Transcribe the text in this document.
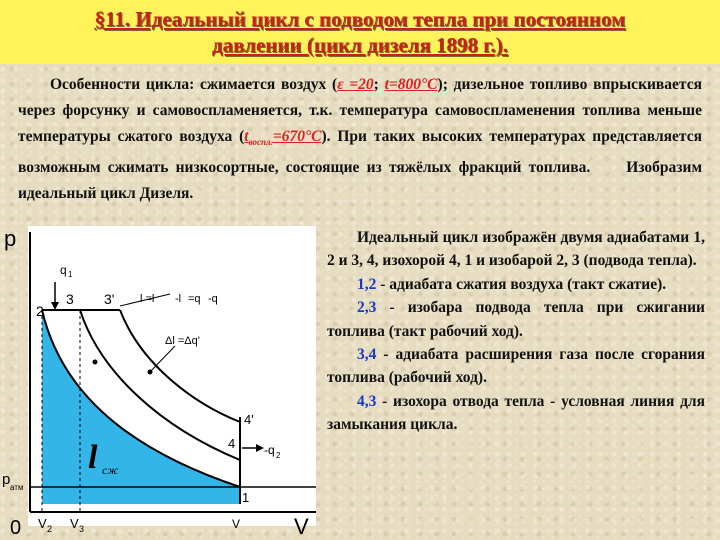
§11. Идеальный цикл с подводом тепла при постоянном
давлении (цикл дизеля 1898 г.).
Особенности цикла: сжимается воздух (ε =20; t=800°C); дизельное топливо впрыскивается через форсунку и самовоспламеняется, т.к. температура самовоспламенения топлива меньше температуры сжатого воздуха $(t_{воспл.}=670^\circ C)$. При таких высоких температурах представляется возможным сжимать низкосортные, состоящие из тяжёлых фракций топлива. Изобразим идеальный цикл Дизеля.

Идеальный цикл изображён двумя адиабатами 1, 2 и 3, 4, изохорой 4, 1 и изобарой 2, 3 (подвода тепла).

1,2 - адиабата сжатия воздуха (такт сжатие).

2,3 - изобара подвода тепла при сжигании топлива (такт рабочий ход).

3,4 - адиабата расширения газа после сгорания топлива (рабочий ход).

4,3 - изохора отвода тепла - условная линия для замыкания цикла.

p
V
0
p атм
V 2 V 3	V
q 1
-q 2
1
2
3 3'
4
4'
l =l -l =q -q
Δl =Δq'
l сж
